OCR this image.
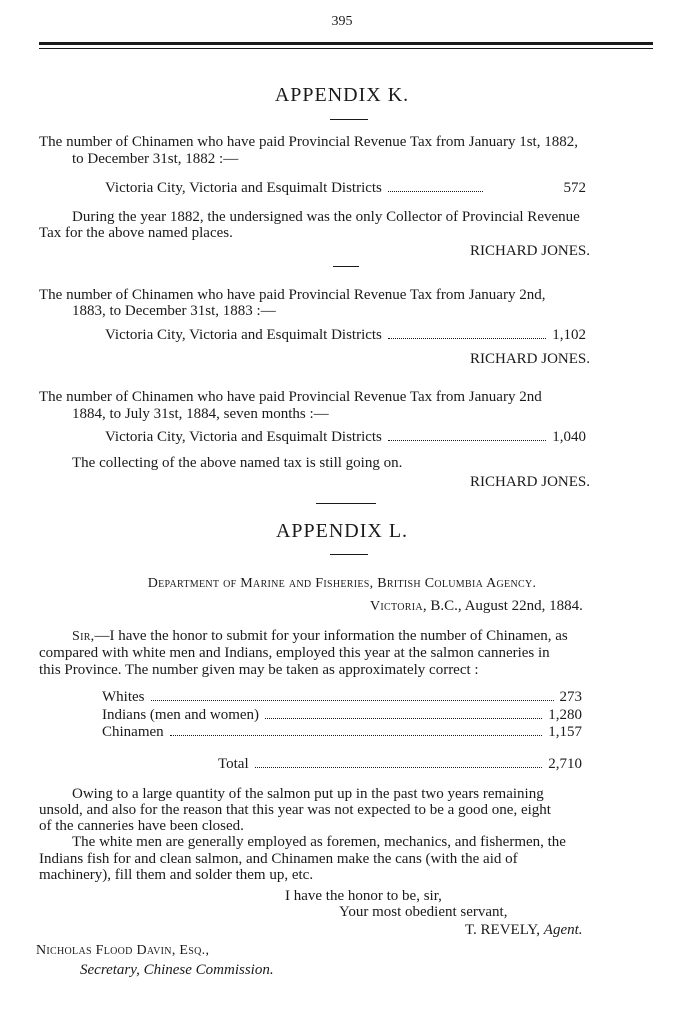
395
APPENDIX K.
The number of Chinamen who have paid Provincial Revenue Tax from January 1st, 1882,
to December 31st, 1882 :—
Victoria City, Victoria and Esquimalt Districts	572
During the year 1882, the undersigned was the only Collector of Provincial Revenue
Tax for the above named places.
RICHARD JONES.
The number of Chinamen who have paid Provincial Revenue Tax from January 2nd,
1883, to December 31st, 1883 :—
Victoria City, Victoria and Esquimalt Districts	1,102
RICHARD JONES.
The number of Chinamen who have paid Provincial Revenue Tax from January 2nd
1884, to July 31st, 1884, seven months :—
Victoria City, Victoria and Esquimalt Districts	1,040
The collecting of the above named tax is still going on.
RICHARD JONES.
APPENDIX L.
Department of Marine and Fisheries, British Columbia Agency.
Victoria, B.C., August 22nd, 1884.
Sir,—I have the honor to submit for your information the number of Chinamen, as
compared with white men and Indians, employed this year at the salmon canneries in
this Province. The number given may be taken as approximately correct :
Whites	273
Indians (men and women)	1,280
Chinamen	1,157
Total	2,710
Owing to a large quantity of the salmon put up in the past two years remaining
unsold, and also for the reason that this year was not expected to be a good one, eight
of the canneries have been closed.
The white men are generally employed as foremen, mechanics, and fishermen, the
Indians fish for and clean salmon, and Chinamen make the cans (with the aid of
machinery), fill them and solder them up, etc.
I have the honor to be, sir,
Your most obedient servant,
T. REVELY, Agent.
Nicholas Flood Davin, Esq.,
Secretary, Chinese Commission.
